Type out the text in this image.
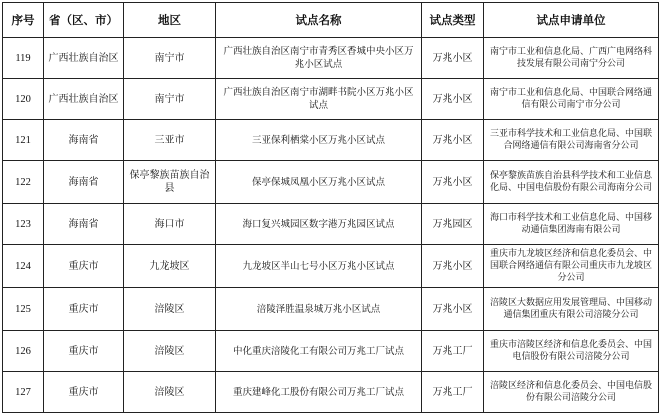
序号	省（区、市）	地区	试点名称	试点类型	试点申请单位
119	广西壮族自治区	南宁市	广西壮族自治区南宁市青秀区香城中央小区万兆小区试点	万兆小区	南宁市工业和信息化局、广西广电网络科技发展有限公司南宁分公司
120	广西壮族自治区	南宁市	广西壮族自治区南宁市湖畔书院小区万兆小区试点	万兆小区	南宁市工业和信息化局、中国联合网络通信有限公司南宁市分公司
121	海南省	三亚市	三亚保利栖棠小区万兆小区试点	万兆小区	三亚市科学技术和工业信息化局、中国联合网络通信有限公司海南省分公司
122	海南省	保亭黎族苗族自治县	保亭保城凤凰小区万兆小区试点	万兆小区	保亭黎族苗族自治县科学技术和工业信息化局、中国电信股份有限公司海南分公司
123	海南省	海口市	海口复兴城园区数字港万兆园区试点	万兆园区	海口市科学技术和工业信息化局、中国移动通信集团海南有限公司
124	重庆市	九龙坡区	九龙坡区半山七号小区万兆小区试点	万兆小区	重庆市九龙坡区经济和信息化委员会、中国联合网络通信有限公司重庆市九龙坡区分公司
125	重庆市	涪陵区	涪陵泽胜温泉城万兆小区试点	万兆小区	涪陵区大数据应用发展管理局、中国移动通信集团重庆有限公司涪陵分公司
126	重庆市	涪陵区	中化重庆涪陵化工有限公司万兆工厂试点	万兆工厂	重庆市涪陵区经济和信息化委员会、中国电信股份有限公司涪陵分公司
127	重庆市	涪陵区	重庆建峰化工股份有限公司万兆工厂试点	万兆工厂	涪陵区经济和信息化委员会、中国电信股份有限公司涪陵分公司
